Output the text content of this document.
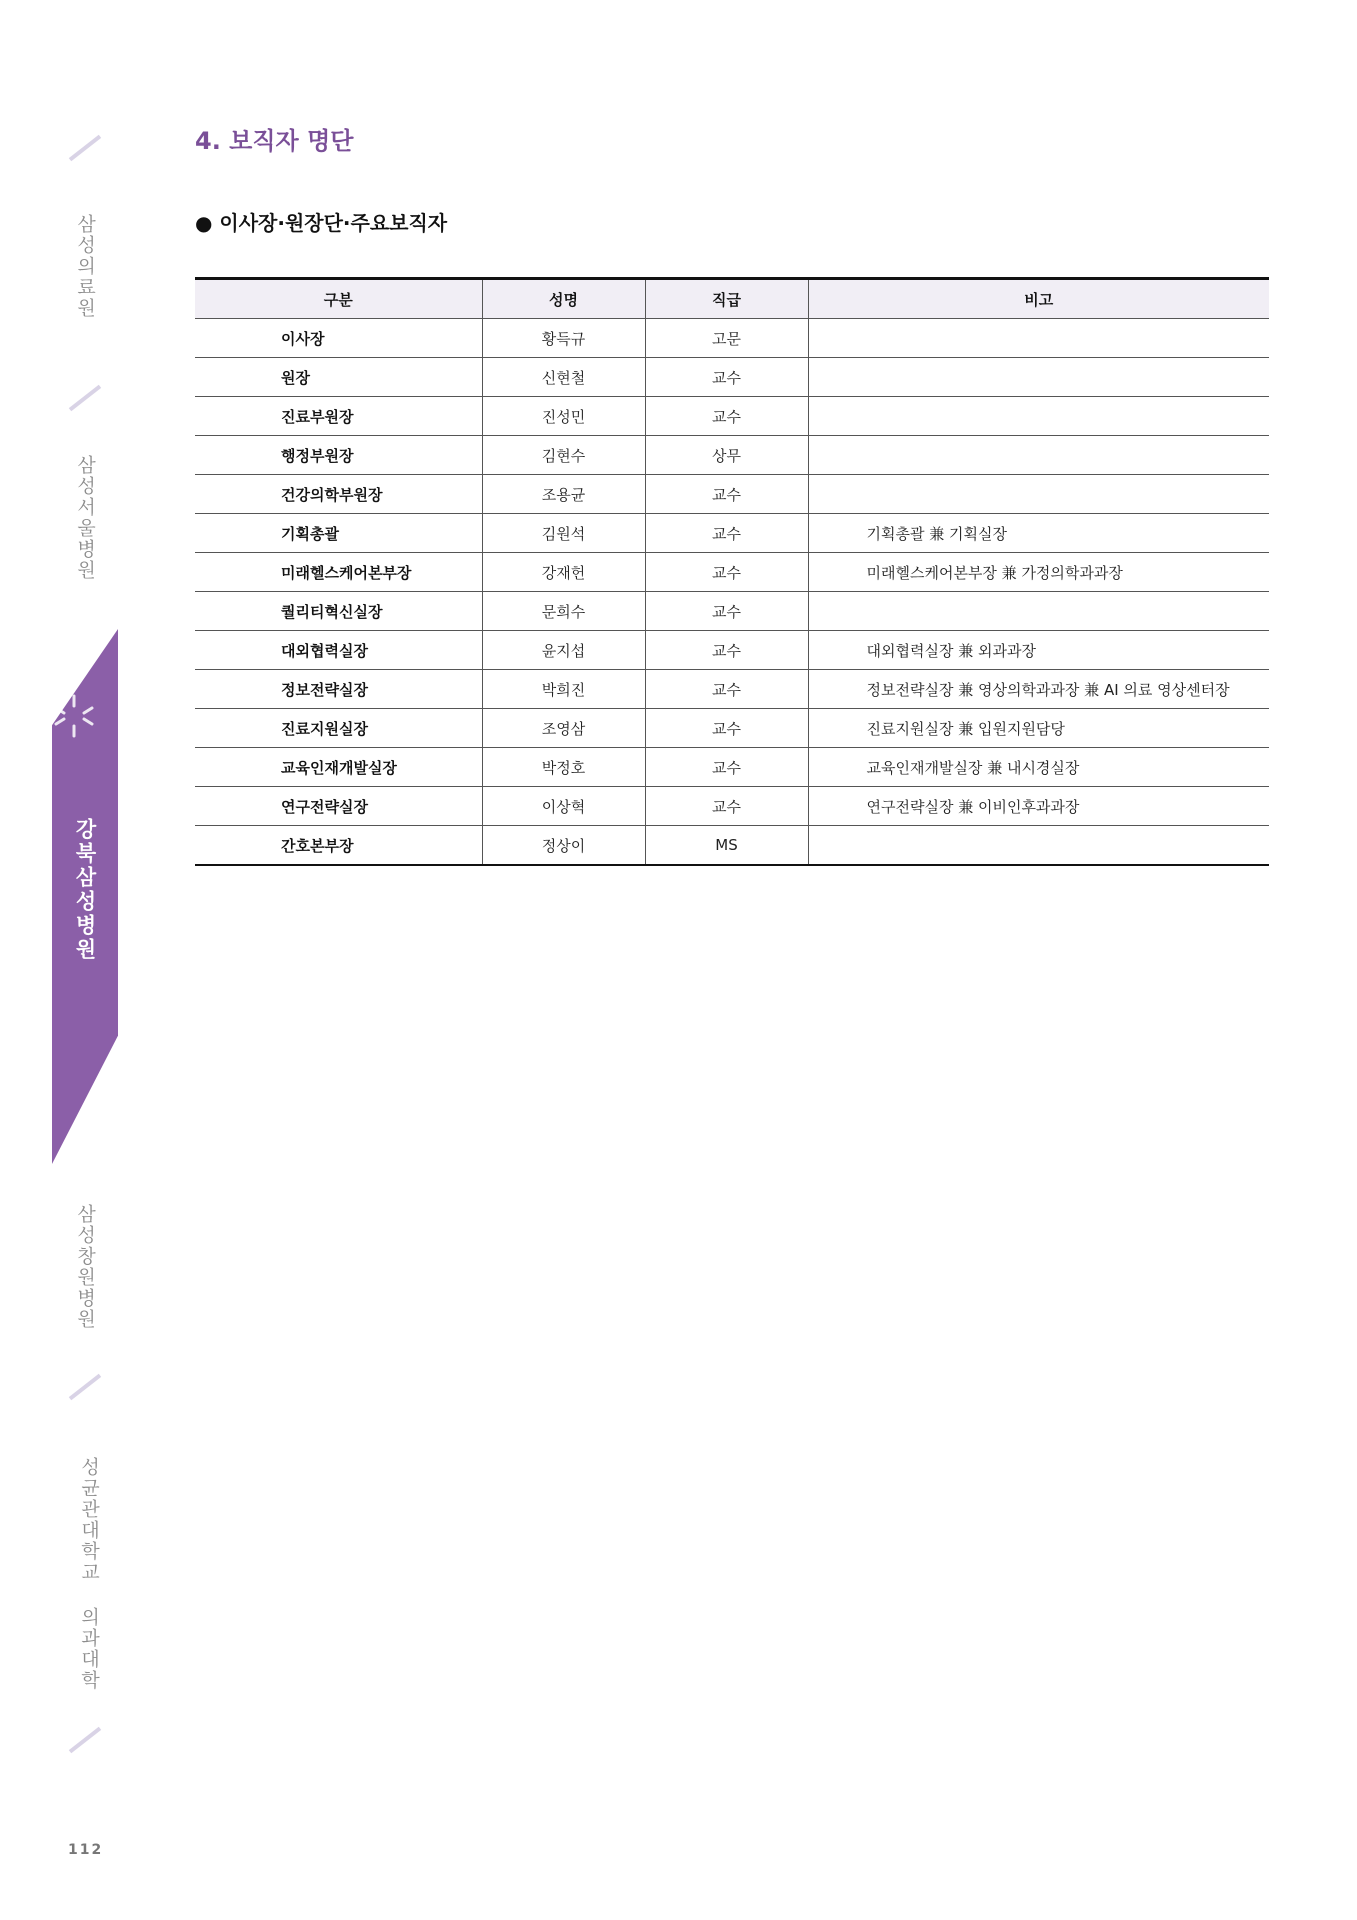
삼성의료원
삼성서울병원
강북삼성병원
삼성창원병원
성균관대학교 의과대학
112
4. 보직자 명단
● 이사장·원장단·주요보직자
구분	성명	직급	비고
이사장	황득규	고문	
원장	신현철	교수	
진료부원장	진성민	교수	
행정부원장	김현수	상무	
건강의학부원장	조용균	교수	
기획총괄	김원석	교수	기획총괄 兼 기획실장
미래헬스케어본부장	강재헌	교수	미래헬스케어본부장 兼 가정의학과과장
퀄리티혁신실장	문희수	교수	
대외협력실장	윤지섭	교수	대외협력실장 兼 외과과장
정보전략실장	박희진	교수	정보전략실장 兼 영상의학과과장 兼 AI 의료 영상센터장
진료지원실장	조영삼	교수	진료지원실장 兼 입원지원담당
교육인재개발실장	박정호	교수	교육인재개발실장 兼 내시경실장
연구전략실장	이상혁	교수	연구전략실장 兼 이비인후과과장
간호본부장	정상이	MS	
